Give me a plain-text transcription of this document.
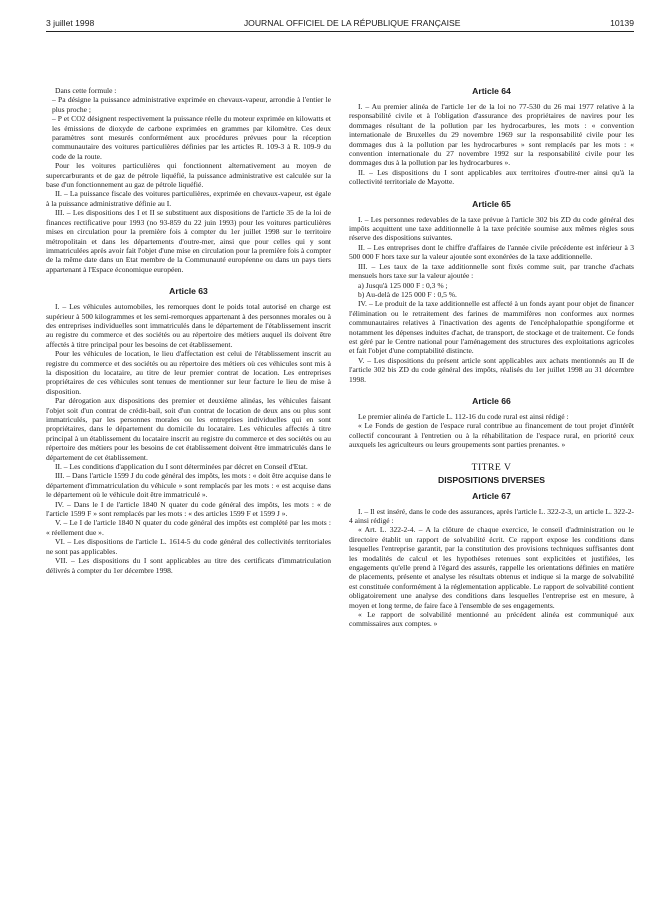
3 juillet 1998	JOURNAL OFFICIEL DE LA RÉPUBLIQUE FRANÇAISE	10139

Dans cette formule :

– Pa désigne la puissance administrative exprimée en chevaux-vapeur, arrondie à l'entier le plus proche ;

– P et CO2 désignent respectivement la puissance réelle du moteur exprimée en kilowatts et les émissions de dioxyde de carbone exprimées en grammes par kilomètre. Ces deux paramètres sont mesurés conformément aux procédures prévues pour la réception communautaire des voitures particulières définies par les articles R. 109-3 à R. 109-9 du code de la route.

Pour les voitures particulières qui fonctionnent alternativement au moyen de supercarburants et de gaz de pétrole liquéfié, la puissance administrative est calculée sur la base d'un fonctionnement au gaz de pétrole liquéfié.

II. – La puissance fiscale des voitures particulières, exprimée en chevaux-vapeur, est égale à la puissance administrative définie au I.

III. – Les dispositions des I et II se substituent aux dispositions de l'article 35 de la loi de finances rectificative pour 1993 (no 93-859 du 22 juin 1993) pour les voitures particulières mises en circulation pour la première fois à compter du 1er juillet 1998 sur le territoire métropolitain et dans les départements d'outre-mer, ainsi que pour celles qui y sont immatriculées après avoir fait l'objet d'une mise en circulation pour la première fois à compter de la même date dans un Etat membre de la Communauté européenne ou dans un pays tiers appartenant à l'Espace économique européen.

Article 63

I. – Les véhicules automobiles, les remorques dont le poids total autorisé en charge est supérieur à 500 kilogrammes et les semi-remorques appartenant à des personnes morales ou à des entreprises individuelles sont immatriculés dans le département de l'établissement inscrit au registre du commerce et des sociétés ou au répertoire des métiers auquel ils doivent être affectés à titre principal pour les besoins de cet établissement.

Pour les véhicules de location, le lieu d'affectation est celui de l'établissement inscrit au registre du commerce et des sociétés ou au répertoire des métiers où ces véhicules sont mis à la disposition du locataire, au titre de leur premier contrat de location. Les entreprises propriétaires de ces véhicules sont tenues de mentionner sur leur facture le lieu de mise à disposition.

Par dérogation aux dispositions des premier et deuxième alinéas, les véhicules faisant l'objet soit d'un contrat de crédit-bail, soit d'un contrat de location de deux ans ou plus sont immatriculés, par les personnes morales ou les entreprises individuelles qui en sont propriétaires, dans le département du domicile du locataire. Les véhicules affectés à titre principal à un établissement du locataire inscrit au registre du commerce et des sociétés ou au répertoire des métiers pour les besoins de cet établissement doivent être immatriculés dans le département de cet établissement.

II. – Les conditions d'application du I sont déterminées par décret en Conseil d'Etat.

III. – Dans l'article 1599 J du code général des impôts, les mots : « doit être acquise dans le département d'immatriculation du véhicule » sont remplacés par les mots : « est acquise dans le département où le véhicule doit être immatriculé ».

IV. – Dans le I de l'article 1840 N quater du code général des impôts, les mots : « de l'article 1599 F » sont remplacés par les mots : « des articles 1599 F et 1599 J ».

V. – Le I de l'article 1840 N quater du code général des impôts est complété par les mots : « réellement due ».

VI. – Les dispositions de l'article L. 1614-5 du code général des collectivités territoriales ne sont pas applicables.

VII. – Les dispositions du I sont applicables au titre des certificats d'immatriculation délivrés à compter du 1er décembre 1998.

Article 64

I. – Au premier alinéa de l'article 1er de la loi no 77-530 du 26 mai 1977 relative à la responsabilité civile et à l'obligation d'assurance des propriétaires de navires pour les dommages résultant de la pollution par les hydrocarbures, les mots : « convention internationale de Bruxelles du 29 novembre 1969 sur la responsabilité civile pour les dommages dus à la pollution par les hydrocarbures » sont remplacés par les mots : « convention internationale du 27 novembre 1992 sur la responsabilité civile pour les dommages dus à la pollution par les hydrocarbures ».

II. – Les dispositions du I sont applicables aux territoires d'outre-mer ainsi qu'à la collectivité territoriale de Mayotte.

Article 65

I. – Les personnes redevables de la taxe prévue à l'article 302 bis ZD du code général des impôts acquittent une taxe additionnelle à la taxe précitée soumise aux mêmes règles sous réserve des dispositions suivantes.

II. – Les entreprises dont le chiffre d'affaires de l'année civile précédente est inférieur à 3 500 000 F hors taxe sur la valeur ajoutée sont exonérées de la taxe additionnelle.

III. – Les taux de la taxe additionnelle sont fixés comme suit, par tranche d'achats mensuels hors taxe sur la valeur ajoutée :

a) Jusqu'à 125 000 F : 0,3 % ;

b) Au-delà de 125 000 F : 0,5 %.

IV. – Le produit de la taxe additionnelle est affecté à un fonds ayant pour objet de financer l'élimination ou le retraitement des farines de mammifères non conformes aux normes communautaires relatives à l'inactivation des agents de l'encéphalopathie spongiforme et notamment les dépenses induites d'achat, de transport, de stockage et de traitement. Ce fonds est géré par le Centre national pour l'aménagement des structures des exploitations agricoles et fait l'objet d'une comptabilité distincte.

V. – Les dispositions du présent article sont applicables aux achats mentionnés au II de l'article 302 bis ZD du code général des impôts, réalisés du 1er juillet 1998 au 31 décembre 1998.

Article 66

Le premier alinéa de l'article L. 112-16 du code rural est ainsi rédigé :

« Le Fonds de gestion de l'espace rural contribue au financement de tout projet d'intérêt collectif concourant à l'entretien ou à la réhabilitation de l'espace rural, en priorité ceux auxquels les agriculteurs ou leurs groupements sont parties prenantes. »

TITRE V
DISPOSITIONS DIVERSES
Article 67

I. – Il est inséré, dans le code des assurances, après l'article L. 322-2-3, un article L. 322-2-4 ainsi rédigé :

« Art. L. 322-2-4. – A la clôture de chaque exercice, le conseil d'administration ou le directoire établit un rapport de solvabilité écrit. Ce rapport expose les conditions dans lesquelles l'entreprise garantit, par la constitution des provisions techniques suffisantes dont les modalités de calcul et les hypothèses retenues sont explicitées et justifiées, les engagements qu'elle prend à l'égard des assurés, rappelle les orientations définies en matière de placements, présente et analyse les résultats obtenus et indique si la marge de solvabilité est constituée conformément à la réglementation applicable. Le rapport de solvabilité contient obligatoirement une analyse des conditions dans lesquelles l'entreprise est en mesure, à moyen et long terme, de faire face à l'ensemble de ses engagements.

« Le rapport de solvabilité mentionné au précédent alinéa est communiqué aux commissaires aux comptes. »
